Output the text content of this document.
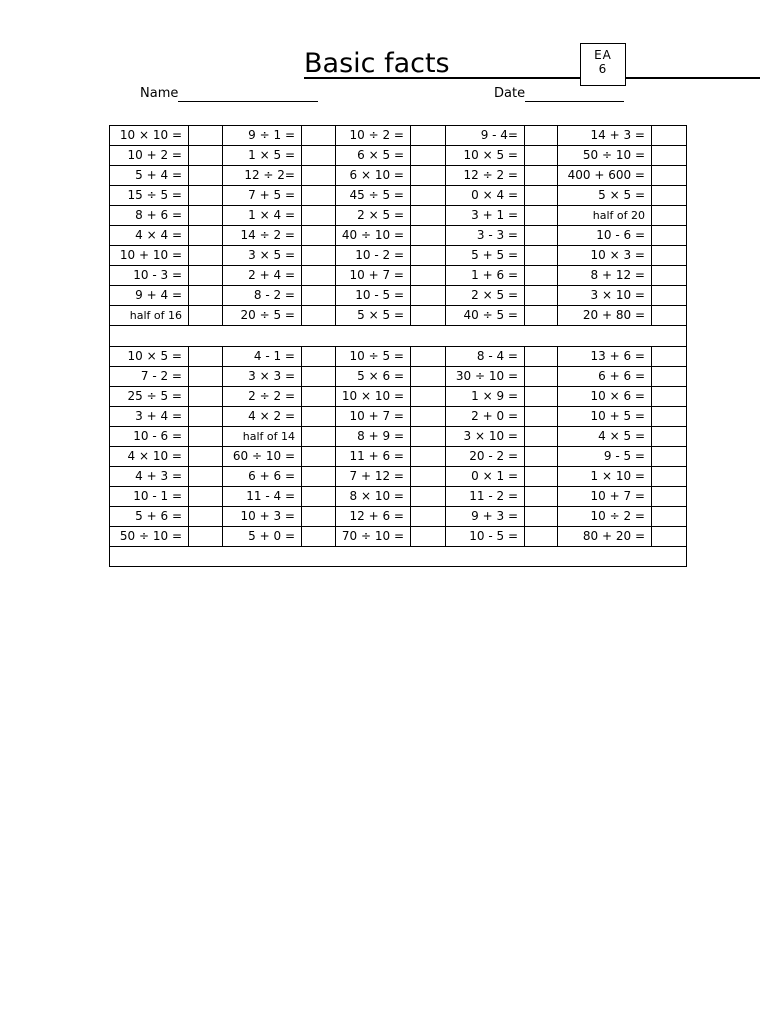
Basic facts	EA
6
Name	Date
10 × 10 =		9 ÷ 1 =		10 ÷ 2 =		9 - 4=		14 + 3 =	
10 + 2 =		1 × 5 =		6 × 5 =		10 × 5 =		50 ÷ 10 =	
5 + 4 =		12 ÷ 2=		6 × 10 =		12 ÷ 2 =		400 + 600 =	
15 ÷ 5 =		7 + 5 =		45 ÷ 5 =		0 × 4 =		5 × 5 =	
8 + 6 =		1 × 4 =		2 × 5 =		3 + 1 =		half of 20	
4 × 4 =		14 ÷ 2 =		40 ÷ 10 =		3 - 3 =		10 - 6 =	
10 + 10 =		3 × 5 =		10 - 2 =		5 + 5 =		10 × 3 =	
10 - 3 =		2 + 4 =		10 + 7 =		1 + 6 =		8 + 12 =	
9 + 4 =		8 - 2 =		10 - 5 =		2 × 5 =		3 × 10 =	
half of 16		20 ÷ 5 =		5 × 5 =		40 ÷ 5 =		20 + 80 =	

10 × 5 =		4 - 1 =		10 ÷ 5 =		8 - 4 =		13 + 6 =	
7 - 2 =		3 × 3 =		5 × 6 =		30 ÷ 10 =		6 + 6 =	
25 ÷ 5 =		2 ÷ 2 =		10 × 10 =		1 × 9 =		10 × 6 =	
3 + 4 =		4 × 2 =		10 + 7 =		2 + 0 =		10 + 5 =	
10 - 6 =		half of 14		8 + 9 =		3 × 10 =		4 × 5 =	
4 × 10 =		60 ÷ 10 =		11 + 6 =		20 - 2 =		9 - 5 =	
4 + 3 =		6 + 6 =		7 + 12 =		0 × 1 =		1 × 10 =	
10 - 1 =		11 - 4 =		8 × 10 =		11 - 2 =		10 + 7 =	
5 + 6 =		10 + 3 =		12 + 6 =		9 + 3 =		10 ÷ 2 =	
50 ÷ 10 =		5 + 0 =		70 ÷ 10 =		10 - 5 =		80 + 20 =	
